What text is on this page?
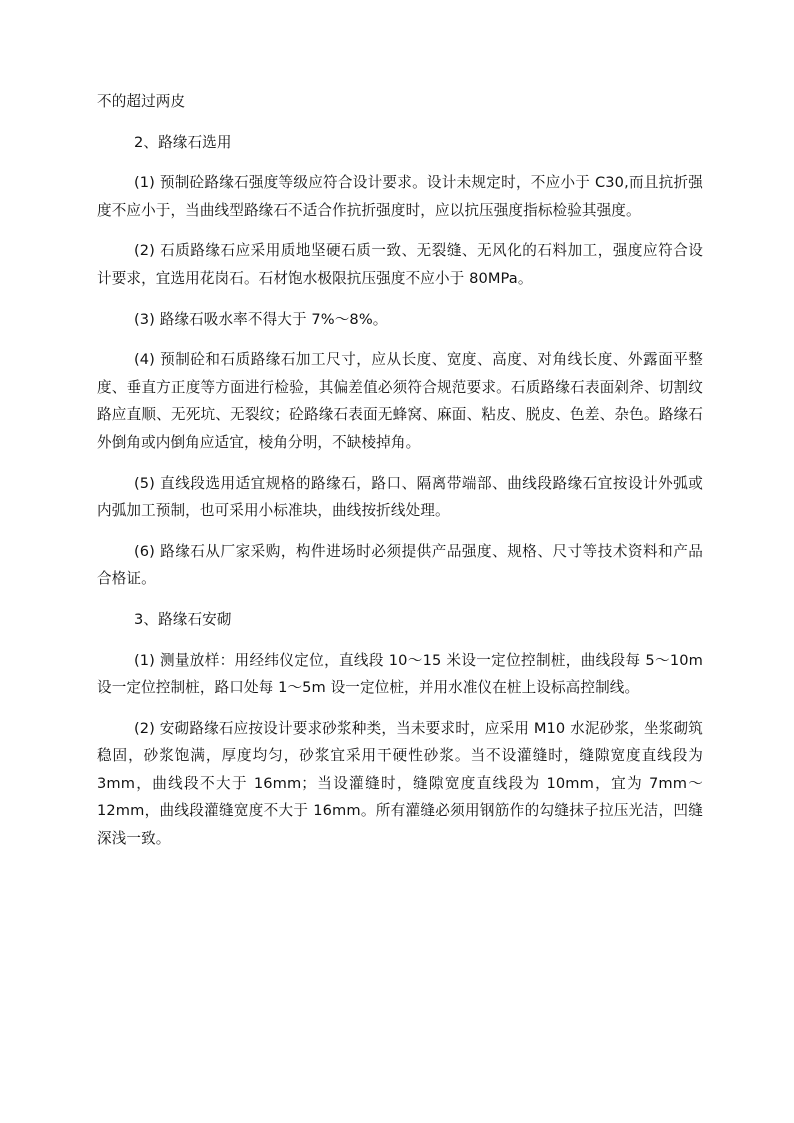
不的超过两皮

2、路缘石选用

(1) 预制砼路缘石强度等级应符合设计要求。设计未规定时，不应小于 C30,而且抗折强度不应小于，当曲线型路缘石不适合作抗折强度时，应以抗压强度指标检验其强度。

(2) 石质路缘石应采用质地坚硬石质一致、无裂缝、无风化的石料加工，强度应符合设计要求，宜选用花岗石。石材饱水极限抗压强度不应小于 80MPa。

(3) 路缘石吸水率不得大于 7%～8%。

(4) 预制砼和石质路缘石加工尺寸，应从长度、宽度、高度、对角线长度、外露面平整度、垂直方正度等方面进行检验，其偏差值必须符合规范要求。石质路缘石表面剁斧、切割纹路应直顺、无死坑、无裂纹；砼路缘石表面无蜂窝、麻面、粘皮、脱皮、色差、杂色。路缘石外倒角或内倒角应适宜，棱角分明，不缺棱掉角。

(5) 直线段选用适宜规格的路缘石，路口、隔离带端部、曲线段路缘石宜按设计外弧或内弧加工预制，也可采用小标准块，曲线按折线处理。

(6) 路缘石从厂家采购，构件进场时必须提供产品强度、规格、尺寸等技术资料和产品合格证。

3、路缘石安砌

(1) 测量放样：用经纬仪定位，直线段 10～15 米设一定位控制桩，曲线段每 5～10m 设一定位控制桩，路口处每 1～5m 设一定位桩，并用水准仪在桩上设标高控制线。

(2) 安砌路缘石应按设计要求砂浆种类，当未要求时，应采用 M10 水泥砂浆，坐浆砌筑稳固，砂浆饱满，厚度均匀，砂浆宜采用干硬性砂浆。当不设灌缝时，缝隙宽度直线段为 3mm，曲线段不大于 16mm；当设灌缝时，缝隙宽度直线段为 10mm，宜为 7mm～12mm，曲线段灌缝宽度不大于 16mm。所有灌缝必须用钢筋作的勾缝抹子拉压光洁，凹缝深浅一致。
